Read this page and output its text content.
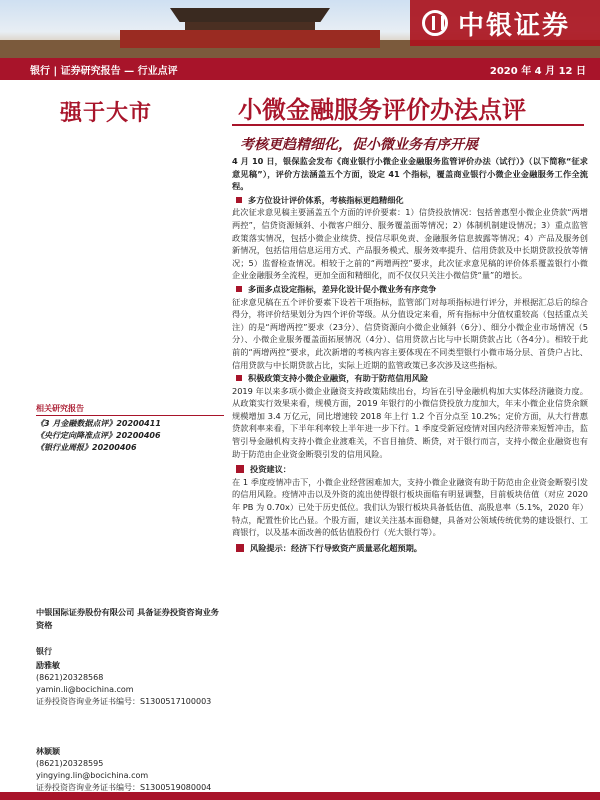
中银证券
银行 | 证券研究报告 — 行业点评	2020 年 4 月 12 日
强于大市	小微金融服务评价办法点评
考核更趋精细化，促小微业务有序开展

4 月 10 日，银保监会发布《商业银行小微企业金融服务监管评价办法（试行）》（以下简称“征求意见稿”），评价方法涵盖五个方面，设定 41 个指标，覆盖商业银行小微企业金融服务工作全流程。

多方位设计评价体系，考核指标更趋精细化

此次征求意见稿主要涵盖五个方面的评价要素：1）信贷投放情况：包括普惠型小微企业贷款“两增两控”，信贷资源倾斜、小微客户细分、服务覆盖面等情况；2）体制机制建设情况；3）重点监管政策落实情况，包括小微企业续贷、授信尽职免责、金融服务信息披露等情况；4）产品及服务创新情况，包括信用信息运用方式、产品服务模式、服务效率提升、信用贷款及中长期贷款投放等情况；5）监督检查情况。相较于之前的“两增两控”要求，此次征求意见稿的评价体系覆盖银行小微企业金融服务全流程，更加全面和精细化，而不仅仅只关注小微信贷“量”的增长。

多面多点设定指标，差异化设计促小微业务有序竞争

征求意见稿在五个评价要素下设若干项指标，监管部门对每项指标进行评分，并根据汇总后的综合得分，将评价结果划分为四个评价等级。从分值设定来看，所有指标中分值权重较高（包括重点关注）的是“两增两控”要求（23分）、信贷资源向小微企业倾斜（6分）、细分小微企业市场情况（5分）、小微企业服务覆盖面拓展情况（4分）、信用贷款占比与中长期贷款占比（各4分）。相较于此前的“两增两控”要求，此次新增的考核内容主要体现在不同类型银行小微市场分层、首贷户占比、信用贷款与中长期贷款占比，实际上近期的监管政策已多次涉及这些指标。

积极政策支持小微企业融资，有助于防范信用风险

2019 年以来多项小微企业融资支持政策陆续出台，均旨在引导金融机构加大实体经济融资力度。从政策实行效果来看，规模方面，2019 年银行的小微信贷投放力度加大，年末小微企业信贷余额规模增加 3.4 万亿元，同比增速较 2018 年上行 1.2 个百分点至 10.2%；定价方面，从大行普惠贷款利率来看，下半年利率较上半年进一步下行。1 季度受新冠疫情对国内经济带来短暂冲击，监管引导金融机构支持小微企业渡难关，不盲目抽贷、断贷，对于银行而言，支持小微企业融资也有助于防范由企业资金断裂引发的信用风险。

投资建议：

在 1 季度疫情冲击下，小微企业经营困难加大，支持小微企业融资有助于防范由企业资金断裂引发的信用风险。疫情冲击以及外资的流出使得银行板块面临有明显调整，目前板块估值（对应 2020 年 PB 为 0.70x）已处于历史低位。我们认为银行板块具备低估值、高股息率（5.1%，2020 年）特点，配置性价比凸显。个股方面，建议关注基本面稳健，具备对公领域传统优势的建设银行、工商银行，以及基本面改善的低估值股份行（光大银行等）。

风险提示：经济下行导致资产质量恶化超预期。
相关研究报告
《3 月金融数据点评》20200411
《央行定向降准点评》20200406
《银行业周报》20200406
中银国际证券股份有限公司 具备证券投资咨询业务资格
银行
励雅敏
(8621)20328568
yamin.li@bocichina.com
证券投资咨询业务证书编号：S1300517100003
林颖颖
(8621)20328595
yingying.lin@bocichina.com
证券投资咨询业务证书编号：S1300519080004
